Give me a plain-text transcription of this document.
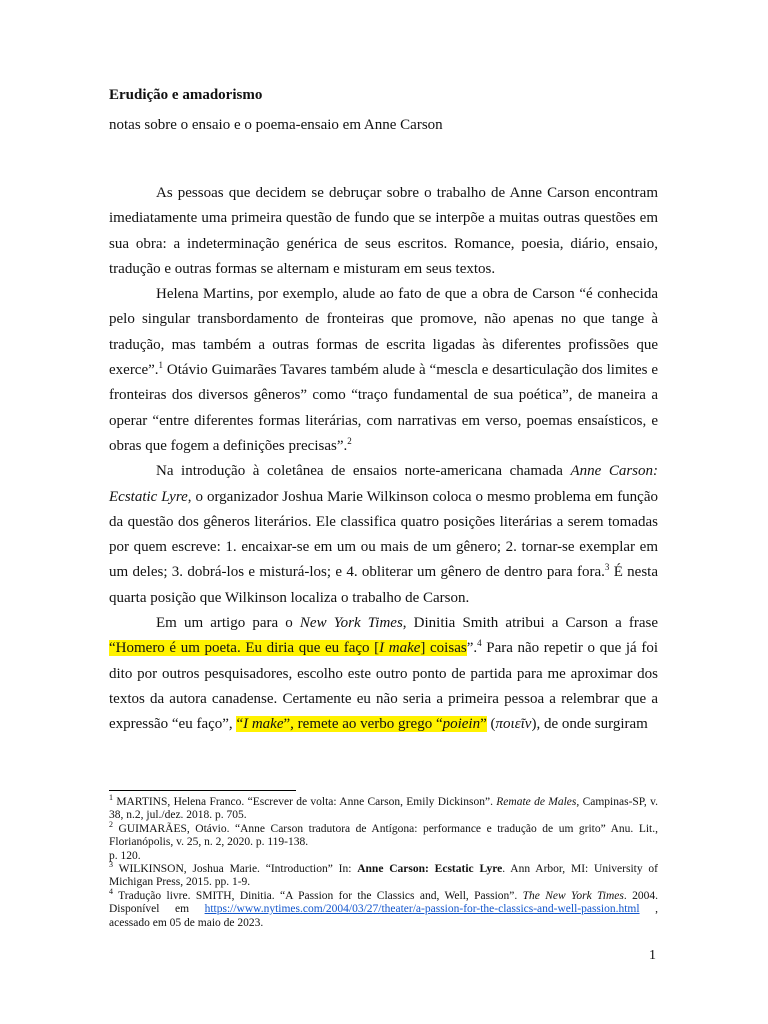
Erudição e amadorismo

notas sobre o ensaio e o poema-ensaio em Anne Carson

As pessoas que decidem se debruçar sobre o trabalho de Anne Carson encontram imediatamente uma primeira questão de fundo que se interpõe a muitas outras questões em sua obra: a indeterminação genérica de seus escritos. Romance, poesia, diário, ensaio, tradução e outras formas se alternam e misturam em seus textos.

Helena Martins, por exemplo, alude ao fato de que a obra de Carson “é conhecida pelo singular transbordamento de fronteiras que promove, não apenas no que tange à tradução, mas também a outras formas de escrita ligadas às diferentes profissões que exerce”.$^1$ Otávio Guimarães Tavares também alude à “mescla e desarticulação dos limites e fronteiras dos diversos gêneros” como “traço fundamental de sua poética”, de maneira a operar “entre diferentes formas literárias, com narrativas em verso, poemas ensaísticos, e obras que fogem a definições precisas”.$^2$

Na introdução à coletânea de ensaios norte-americana chamada Anne Carson: Ecstatic Lyre, o organizador Joshua Marie Wilkinson coloca o mesmo problema em função da questão dos gêneros literários. Ele classifica quatro posições literárias a serem tomadas por quem escreve: 1. encaixar-se em um ou mais de um gênero; 2. tornar-se exemplar em um deles; 3. dobrá-los e misturá-los; e 4. obliterar um gênero de dentro para fora.$^3$ É nesta quarta posição que Wilkinson localiza o trabalho de Carson.

Em um artigo para o New York Times, Dinitia Smith atribui a Carson a frase “Homero é um poeta. Eu diria que eu faço [I make] coisas”.$^4$ Para não repetir o que já foi dito por outros pesquisadores, escolho este outro ponto de partida para me aproximar dos textos da autora canadense. Certamente eu não seria a primeira pessoa a relembrar que a expressão “eu faço”, “I make”, remete ao verbo grego “poiein” (ποιεῖν), de onde surgiram

$^1$ MARTINS, Helena Franco. “Escrever de volta: Anne Carson, Emily Dickinson”. Remate de Males, Campinas-SP, v. 38, n.2, jul./dez. 2018. p. 705.

$^2$ GUIMARÃES, Otávio. “Anne Carson tradutora de Antígona: performance e tradução de um grito” Anu. Lit., Florianópolis, v. 25, n. 2, 2020. p. 119-138.

p. 120.

$^3$ WILKINSON, Joshua Marie. “Introduction” In: Anne Carson: Ecstatic Lyre. Ann Arbor, MI: University of Michigan Press, 2015. pp. 1-9.

$^4$ Tradução livre. SMITH, Dinitia. “A Passion for the Classics and, Well, Passion”. The New York Times. 2004. Disponível em https://www.nytimes.com/2004/03/27/theater/a-passion-for-the-classics-and-well-passion.html , acessado em 05 de maio de 2023.

1
